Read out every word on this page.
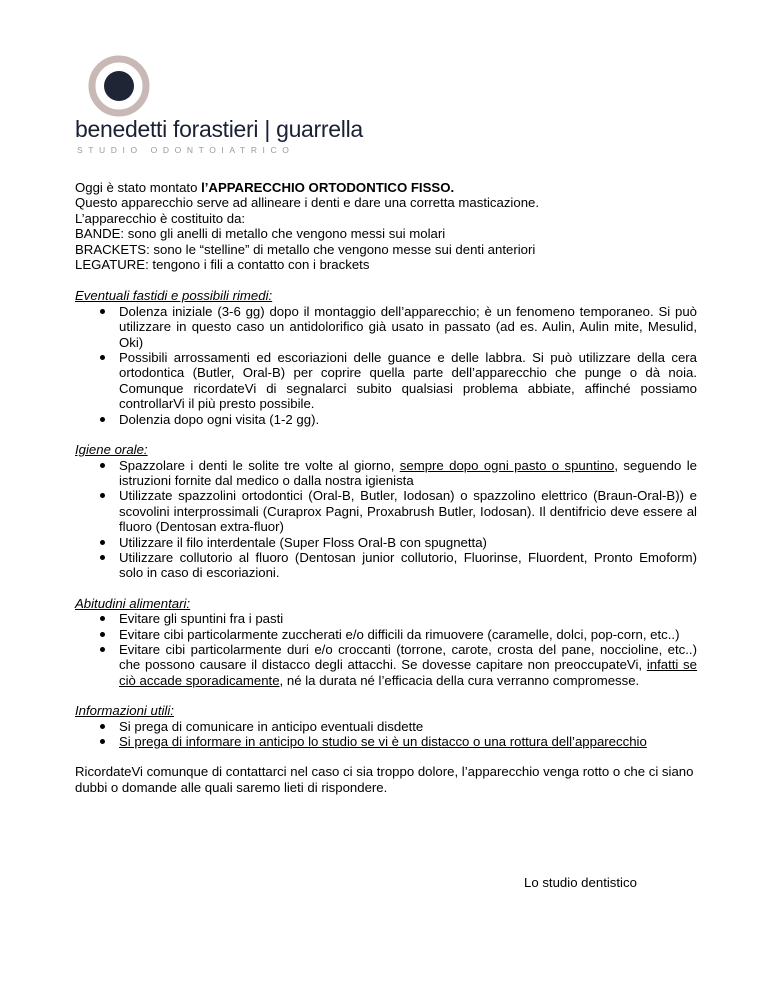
benedetti forastieri | guarrella
STUDIO ODONTOIATRICO

Oggi è stato montato l’APPARECCHIO ORTODONTICO FISSO.

Questo apparecchio serve ad allineare i denti e dare una corretta masticazione.

L’apparecchio è costituito da:

BANDE: sono gli anelli di metallo che vengono messi sui molari

BRACKETS: sono le “stelline” di metallo che vengono messe sui denti anteriori

LEGATURE: tengono i fili a contatto con i brackets

Eventuali fastidi e possibili rimedi:

Dolenza iniziale (3-6 gg) dopo il montaggio dell’apparecchio; è un fenomeno temporaneo. Si può utilizzare in questo caso un antidolorifico già usato in passato (ad es. Aulin, Aulin mite, Mesulid, Oki)
Possibili arrossamenti ed escoriazioni delle guance e delle labbra. Si può utilizzare della cera ortodontica (Butler, Oral-B) per coprire quella parte dell’apparecchio che punge o dà noia. Comunque ricordateVi di segnalarci subito qualsiasi problema abbiate, affinché possiamo controllarVi il più presto possibile.
Dolenzia dopo ogni visita (1-2 gg).

Igiene orale:

Spazzolare i denti le solite tre volte al giorno, sempre dopo ogni pasto o spuntino, seguendo le istruzioni fornite dal medico o dalla nostra igienista
Utilizzate spazzolini ortodontici (Oral-B, Butler, Iodosan) o spazzolino elettrico (Braun-Oral-B)) e scovolini interprossimali (Curaprox Pagni, Proxabrush Butler, Iodosan). Il dentifricio deve essere al fluoro (Dentosan extra-fluor)
Utilizzare il filo interdentale (Super Floss Oral-B con spugnetta)
Utilizzare collutorio al fluoro (Dentosan junior collutorio, Fluorinse, Fluordent, Pronto Emoform) solo in caso di escoriazioni.

Abitudini alimentari:

Evitare gli spuntini fra i pasti
Evitare cibi particolarmente zuccherati e/o difficili da rimuovere (caramelle, dolci, pop-corn, etc..)
Evitare cibi particolarmente duri e/o croccanti (torrone, carote, crosta del pane, noccioline, etc..) che possono causare il distacco degli attacchi. Se dovesse capitare non preoccupateVi, infatti se ciò accade sporadicamente, né la durata né l’efficacia della cura verranno compromesse.

Informazioni utili:

Si prega di comunicare in anticipo eventuali disdette
Si prega di informare in anticipo lo studio se vi è un distacco o una rottura dell’apparecchio

RicordateVi comunque di contattarci nel caso ci sia troppo dolore, l’apparecchio venga rotto o che ci siano dubbi o domande alle quali saremo lieti di rispondere.

Lo studio dentistico
